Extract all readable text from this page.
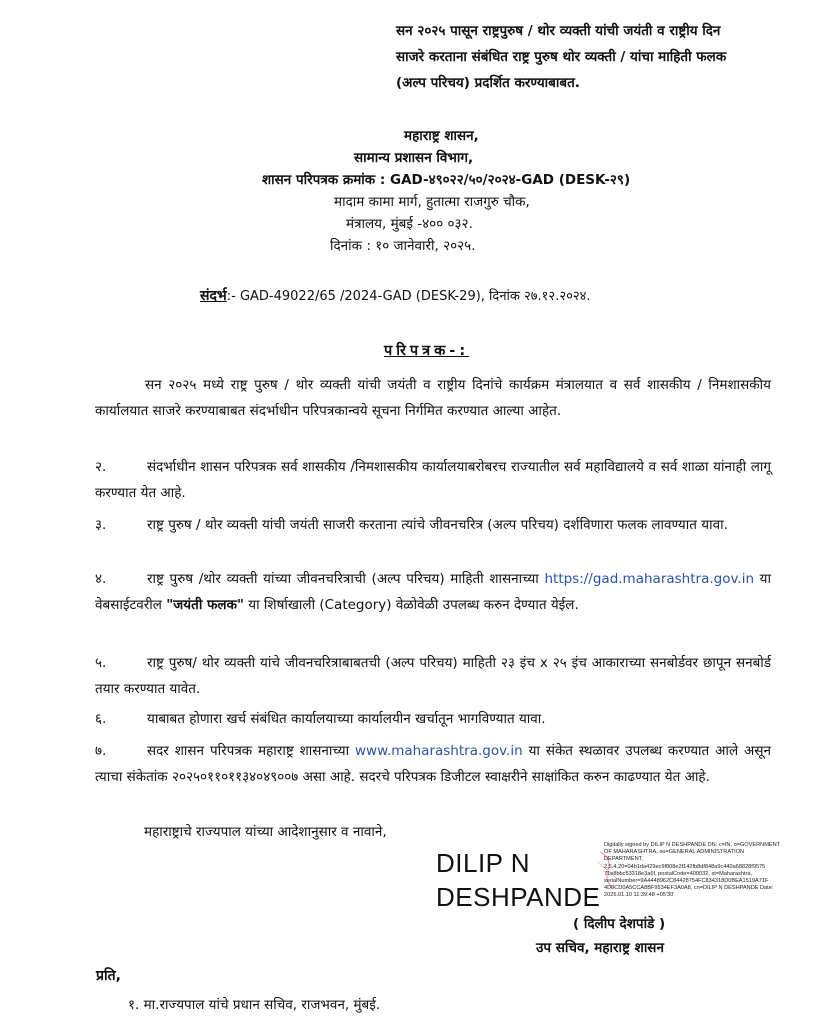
सन २०२५ पासून राष्ट्रपुरुष / थोर व्यक्ती यांची जयंती व राष्ट्रीय दिन
साजरे करताना संबंधित राष्ट्र पुरुष थोर व्यक्ती / यांचा माहिती फलक
(अल्प परिचय) प्रदर्शित करण्याबाबत.
महाराष्ट्र शासन,
सामान्य प्रशासन विभाग,
शासन परिपत्रक क्रमांक : GAD-४९०२२/५०/२०२४-GAD (DESK-२९)
मादाम कामा मार्ग, हुतात्मा राजगुरु चौक,
मंत्रालय, मुंबई -४०० ०३२.
दिनांक : १० जानेवारी, २०२५.
संदर्भ:- GAD-49022/65 /2024-GAD (DESK-29), दिनांक २७.१२.२०२४.
परिपत्रक-:
सन २०२५ मध्ये राष्ट्र पुरुष / थोर व्यक्ती यांची जयंती व राष्ट्रीय दिनांचे कार्यक्रम मंत्रालयात व सर्व शासकीय / निमशासकीय कार्यालयात साजरे करण्याबाबत संदर्भाधीन परिपत्रकान्वये सूचना निर्गमित करण्यात आल्या आहेत.
२.	संदर्भाधीन शासन परिपत्रक सर्व शासकीय /निमशासकीय कार्यालयाबरोबरच राज्यातील सर्व महाविद्यालये व सर्व शाळा यांनाही लागू करण्यात येत आहे.
३.	राष्ट्र पुरुष / थोर व्यक्ती यांची जयंती साजरी करताना त्यांचे जीवनचरित्र (अल्प परिचय) दर्शविणारा फलक लावण्यात यावा.
४.	राष्ट्र पुरुष /थोर व्यक्ती यांच्या जीवनचरित्राची (अल्प परिचय) माहिती शासनाच्या https://gad.maharashtra.gov.in या वेबसाईटवरील "जयंती फलक" या शिर्षाखाली (Category) वेळोवेळी उपलब्ध करुन देण्यात येईल.
५.	राष्ट्र पुरुष/ थोर व्यक्ती यांचे जीवनचरित्राबाबतची (अल्प परिचय) माहिती २३ इंच x २५ इंच आकाराच्या सनबोर्डवर छापून सनबोर्ड तयार करण्यात यावेत.
६.	याबाबत होणारा खर्च संबंधित कार्यालयाच्या कार्यालयीन खर्चातून भागविण्यात यावा.
७.	सदर शासन परिपत्रक महाराष्ट्र शासनाच्या www.maharashtra.gov.in या संकेत स्थळावर उपलब्ध करण्यात आले असून त्याचा संकेतांक २०२५०११०११३४०४९००७ असा आहे. सदरचे परिपत्रक डिजीटल स्वाक्षरीने साक्षांकित करुन काढण्यात येत आहे.
महाराष्ट्राचे राज्यपाल यांच्या आदेशानुसार व नावाने,
DILIP N
DESHPANDE
Digitally signed by DILIP N DESHPANDE DN: c=IN, o=GOVERNMENT OF MAHARASHTRA, ou=GENERAL ADMINISTRATION DEPARTMENT, 2.5.4.20=04b1da429ec9f808e2f142fb8df848a9c440a68828f9575 71e8bbc53318e3a6f, postalCode=400032, st=Maharashtra, serialNumber=9A4448962C84428754FC834318D0BEA1519A71F 4D0CD0A5CCA8BF9534EF3A0A8, cn=DILIP N DESHPANDE Date: 2025.01.10 11:39:48 +05'30'
( दिलीप देशपांडे )
उप सचिव, महाराष्ट्र शासन
प्रति,
१. मा.राज्यपाल यांचे प्रधान सचिव, राजभवन, मुंबई.
